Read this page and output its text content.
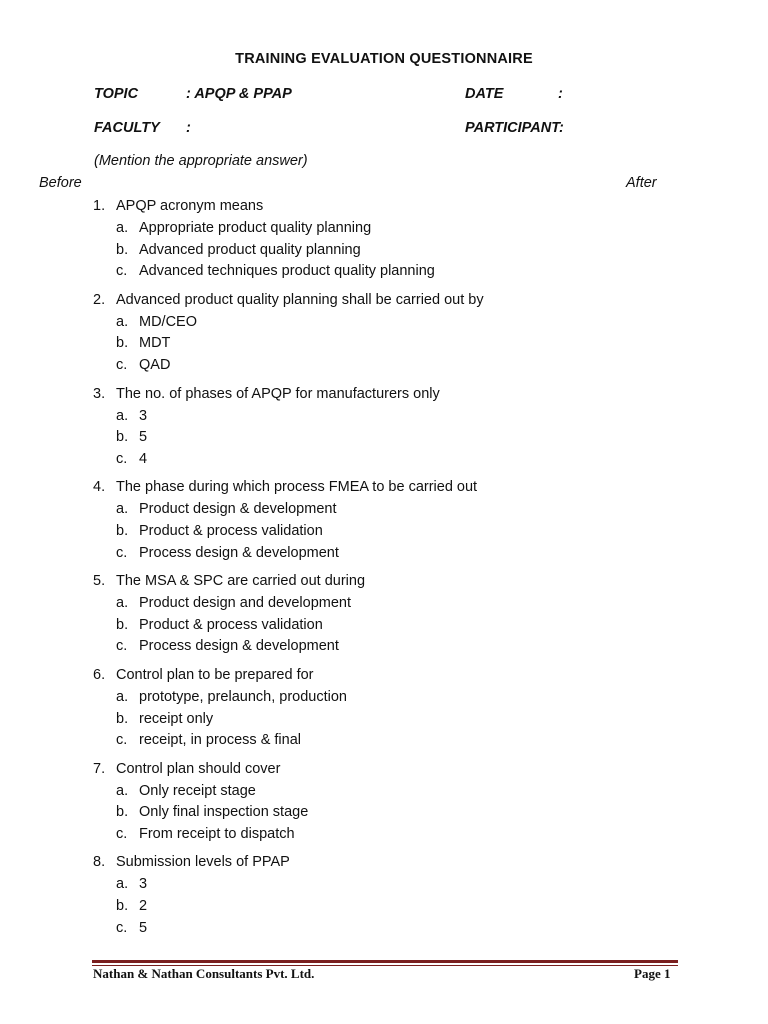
TRAINING EVALUATION QUESTIONNAIRE
TOPIC	: APQP & PPAP	DATE	:
FACULTY :	PARTICIPANT:
(Mention the appropriate answer)
Before	After
1. APQP acronym means
a. Appropriate product quality planning
b. Advanced product quality planning
c. Advanced techniques product quality planning
2. Advanced product quality planning shall be carried out by
a. MD/CEO
b. MDT
c. QAD
3. The no. of phases of APQP for manufacturers only
a. 3
b. 5
c. 4
4. The phase during which process FMEA to be carried out
a. Product design & development
b. Product & process validation
c. Process design & development
5. The MSA & SPC are carried out during
a. Product design and development
b. Product & process validation
c. Process design & development
6. Control plan to be prepared for
a. prototype, prelaunch, production
b. receipt only
c. receipt, in process & final
7. Control plan should cover
a. Only receipt stage
b. Only final inspection stage
c. From receipt to dispatch
8. Submission levels of PPAP
a. 3
b. 2
c. 5
Nathan & Nathan Consultants Pvt. Ltd.	Page 1
